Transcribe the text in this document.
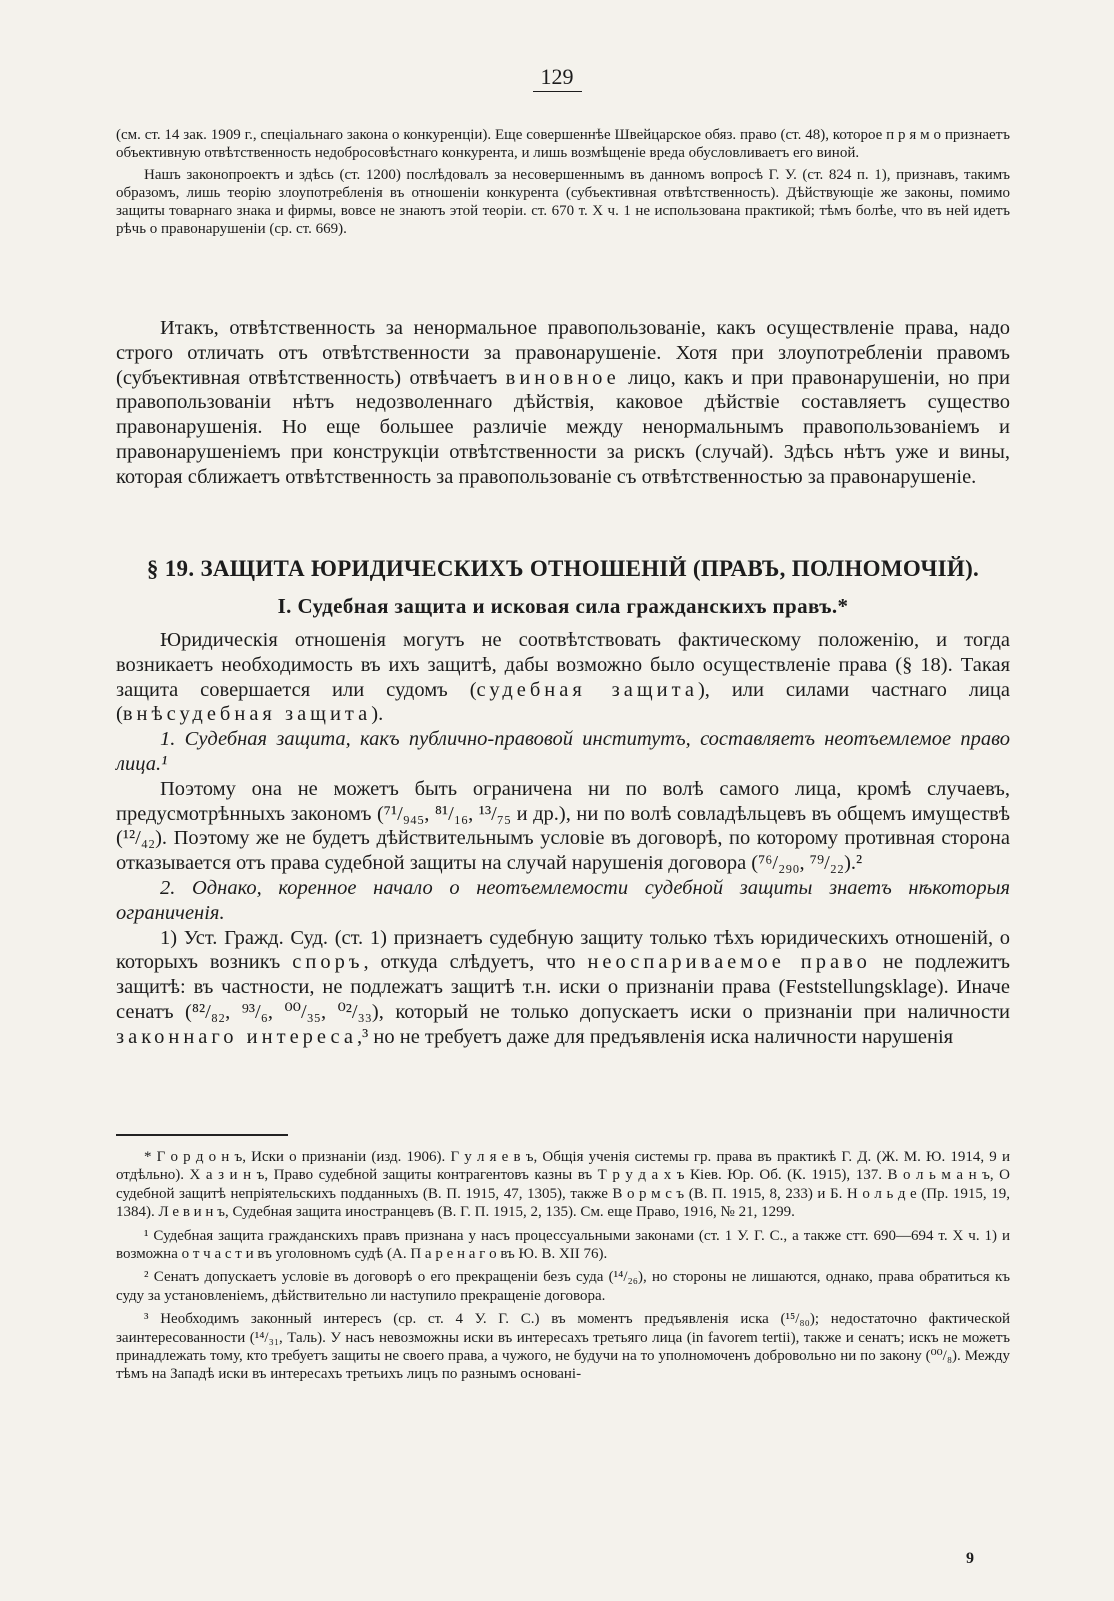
129

(см. ст. 14 зак. 1909 г., спеціальнаго закона о конкуренціи). Еще совершеннѣе Швейцарское обяз. право (ст. 48), которое п р я м о признаетъ объективную отвѣтственность недобросовѣстнаго конкурента, и лишь возмѣщеніе вреда обусловливаетъ его виной.

Нашъ законопроектъ и здѣсь (ст. 1200) послѣдовалъ за несовершеннымъ въ данномъ вопросѣ Г. У. (ст. 824 п. 1), признавъ, такимъ образомъ, лишь теорію злоупотребленія въ отношеніи конкурента (субъективная отвѣтственность). Дѣйствующіе же законы, помимо защиты товарнаго знака и фирмы, вовсе не знаютъ этой теоріи. ст. 670 т. X ч. 1 не использована практикой; тѣмъ болѣе, что въ ней идетъ рѣчь о правонарушеніи (ср. ст. 669).

Итакъ, отвѣтственность за ненормальное правопользованіе, какъ осуществленіе права, надо строго отличать отъ отвѣтственности за правонарушеніе. Хотя при злоупотребленіи правомъ (субъективная отвѣтственность) отвѣчаетъ виновное лицо, какъ и при правонарушеніи, но при правопользованіи нѣтъ недозволеннаго дѣйствія, каковое дѣйствіе составляетъ существо правонарушенія. Но еще большее различіе между ненормальнымъ правопользованіемъ и правонарушеніемъ при конструкціи отвѣтственности за рискъ (случай). Здѣсь нѣтъ уже и вины, которая сближаетъ отвѣтственность за правопользованіе съ отвѣтственностью за правонарушеніе.

§ 19. ЗАЩИТА ЮРИДИЧЕСКИХЪ ОТНОШЕНІЙ (ПРАВЪ, ПОЛНОМОЧІЙ).
I. Судебная защита и исковая сила гражданскихъ правъ.*

Юридическія отношенія могутъ не соотвѣтствовать фактическому положенію, и тогда возникаетъ необходимость въ ихъ защитѣ, дабы возможно было осуществленіе права (§ 18). Такая защита совершается или судомъ (судебная защита), или силами частнаго лица (внѣсудебная защита).

1. Судебная защита, какъ публично-правовой институтъ, составляетъ неотъемлемое право лица.¹

Поэтому она не можетъ быть ограничена ни по волѣ самого лица, кромѣ случаевъ, предусмотрѣнныхъ закономъ (⁷¹/₉₄₅, ⁸¹/₁₆, ¹³/₇₅ и др.), ни по волѣ совладѣльцевъ въ общемъ имуществѣ (¹²/₄₂). Поэтому же не будетъ дѣйствительнымъ условіе въ договорѣ, по которому противная сторона отказывается отъ права судебной защиты на случай нарушенія договора (⁷⁶/₂₉₀, ⁷⁹/₂₂).²

2. Однако, коренное начало о неотъемлемости судебной защиты знаетъ нѣкоторыя ограниченія.

1) Уст. Гражд. Суд. (ст. 1) признаетъ судебную защиту только тѣхъ юридическихъ отношеній, о которыхъ возникъ споръ, откуда слѣдуетъ, что неоспариваемое право не подлежитъ защитѣ: въ частности, не подлежатъ защитѣ т.н. иски о признаніи права (Feststellungsklage). Иначе сенатъ (⁸²/₈₂, ⁹³/₆, ⁰⁰/₃₅, ⁰²/₃₃), который не только допускаетъ иски о признаніи при наличности законнаго интереса,³ но не требуетъ даже для предъявленія иска наличности нарушенія

* Г о р д о н ъ, Иски о признаніи (изд. 1906). Г у л я е в ъ, Общія ученія системы гр. права въ практикѣ Г. Д. (Ж. М. Ю. 1914, 9 и отдѣльно). Х а з и н ъ, Право судебной защиты контрагентовъ казны въ Т р у д а х ъ Кіев. Юр. Об. (К. 1915), 137. В о л ь м а н ъ, О судебной защитѣ непріятельскихъ подданныхъ (В. П. 1915, 47, 1305), также В о р м с ъ (В. П. 1915, 8, 233) и Б. Н о л ь д е (Пр. 1915, 19, 1384). Л е в и н ъ, Судебная защита иностранцевъ (В. Г. П. 1915, 2, 135). См. еще Право, 1916, № 21, 1299.

¹ Судебная защита гражданскихъ правъ признана у насъ процессуальными законами (ст. 1 У. Г. С., а также стт. 690—694 т. X ч. 1) и возможна о т ч а с т и въ уголовномъ судѣ (А. П а р е н а г о въ Ю. В. XII 76).

² Сенатъ допускаетъ условіе въ договорѣ о его прекращеніи безъ суда (¹⁴/₂₆), но стороны не лишаются, однако, права обратиться къ суду за установленіемъ, дѣйствительно ли наступило прекращеніе договора.

³ Необходимъ законный интересъ (ср. ст. 4 У. Г. С.) въ моментъ предъявленія иска (¹⁵/₈₀); недостаточно фактической заинтересованности (¹⁴/₃₁, Таль). У насъ невозможны иски въ интересахъ третьяго лица (in favorem tertii), также и сенатъ; искъ не можетъ принадлежать тому, кто требуетъ защиты не своего права, а чужого, не будучи на то уполномоченъ добровольно ни по закону (⁰⁰/₈). Между тѣмъ на Западѣ иски въ интересахъ третьихъ лицъ по разнымъ основані-

9
